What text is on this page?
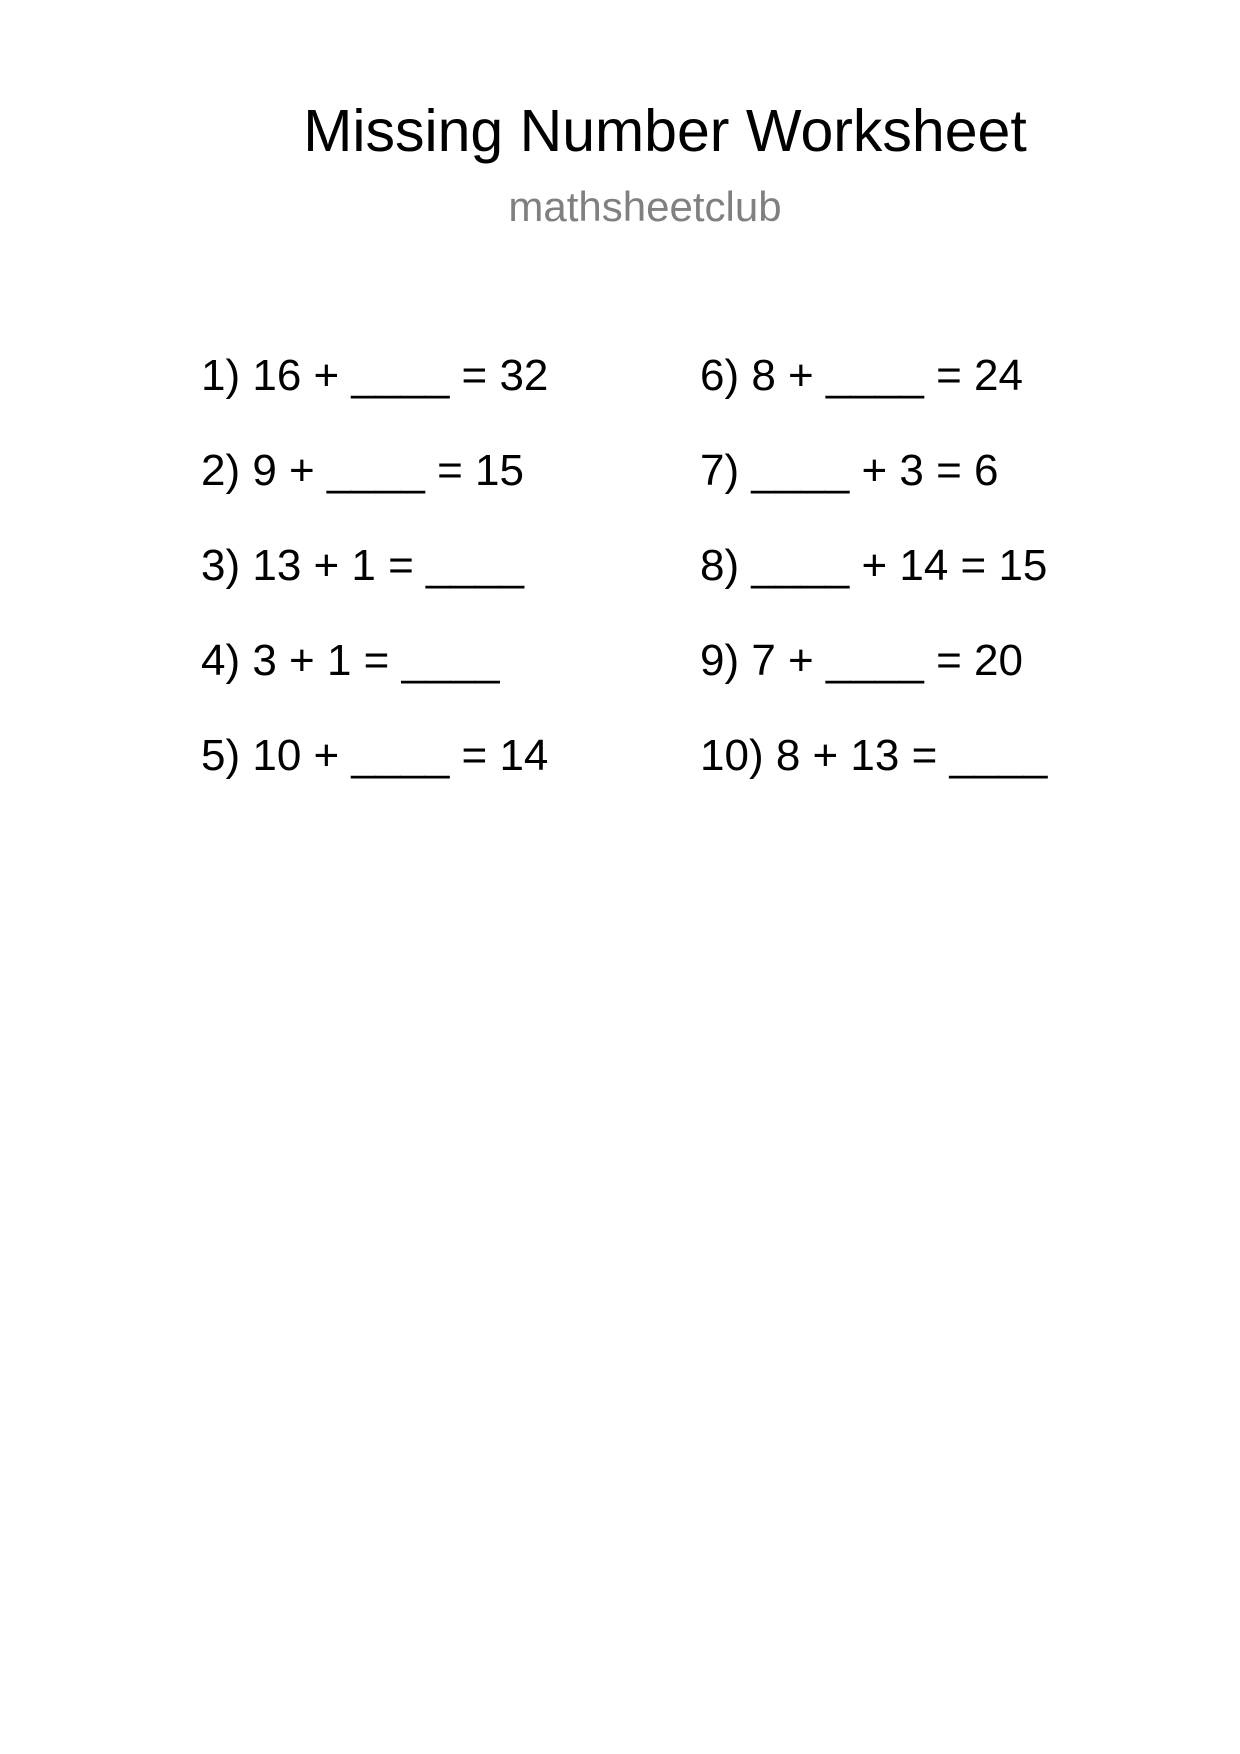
Missing Number Worksheet
mathsheetclub
1) 16 + ____ = 32
2) 9 + ____ = 15
3) 13 + 1 = ____
4) 3 + 1 = ____
5) 10 + ____ = 14
6) 8 + ____ = 24
7) ____ + 3 = 6
8) ____ + 14 = 15
9) 7 + ____ = 20
10) 8 + 13 = ____
